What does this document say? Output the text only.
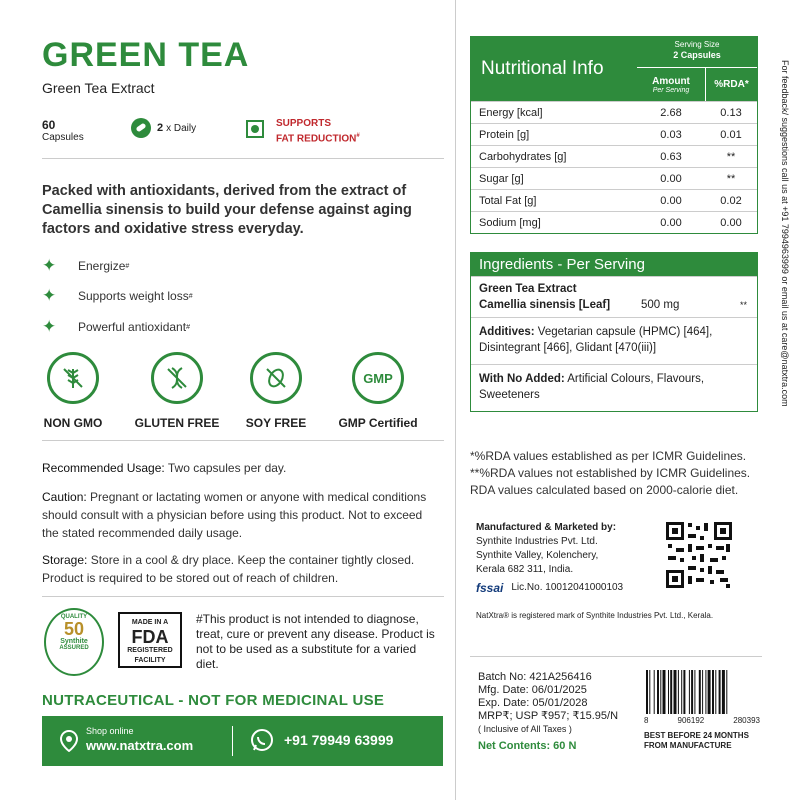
GREEN TEA
Green Tea Extract
60
Capsules
2 x Daily	SUPPORTS
FAT REDUCTION#
Packed with antioxidants, derived from the extract of Camellia sinensis to build your defense against aging factors and oxidative stress everyday.
✦	Energize #
✦	Supports weight loss #
✦	Powerful antioxidant #
NON GMO	GLUTEN FREE	SOY FREE
GMP
GMP Certified
Recommended Usage: Two capsules per day.
Caution: Pregnant or lactating women or anyone with medical conditions should consult with a physician before using this product. Not to exceed the stated recommended daily usage.
Storage: Store in a cool & dry place. Keep the container tightly closed. Product is required to be stored out of reach of children.
QUALITY
50
Synthite
ASSURED
MADE IN A
FDA
REGISTERED
FACILITY
#This product is not intended to diagnose, treat, cure or prevent any disease. Product is not to be used as a substitute for a varied diet.
NUTRACEUTICAL - NOT FOR MEDICINAL USE
Shop online
www.natxtra.com	+91 79949 63999
Nutritional Info
Serving Size
2 Capsules
Amount
Per Serving	%RDA*
Energy [kcal]	2.68	0.13
Protein [g]	0.03	0.01
Carbohydrates [g]	0.63	**
Sugar [g]	0.00	**
Total Fat [g]	0.00	0.02
Sodium [mg]	0.00	0.00
Ingredients - Per Serving
Green Tea Extract
Camellia sinensis [Leaf]	500 mg	**
Additives: Vegetarian capsule (HPMC) [464], Disintegrant [466], Glidant [470(iii)]
With No Added: Artificial Colours, Flavours, Sweeteners
*%RDA values established as per ICMR Guidelines.
**%RDA values not established by ICMR Guidelines.
RDA values calculated based on 2000-calorie diet.
Manufactured & Marketed by:
Synthite Industries Pvt. Ltd.
Synthite Valley, Kolenchery,
Kerala 682 311, India.
fssai Lic.No. 10012041000103
NatXtra® is registered mark of Synthite Industries Pvt. Ltd., Kerala.
Batch No: 421A256416
Mfg. Date: 06/01/2025
Exp. Date: 05/01/2028
MRP₹; USP ₹957; ₹15.95/N
( Inclusive of All Taxes )
Net Contents: 60 N
8	906192	280393
BEST BEFORE 24 MONTHS
FROM MANUFACTURE
For feedback/ suggestions call us at +91 7994963999 or email us at care@natxtra.com
